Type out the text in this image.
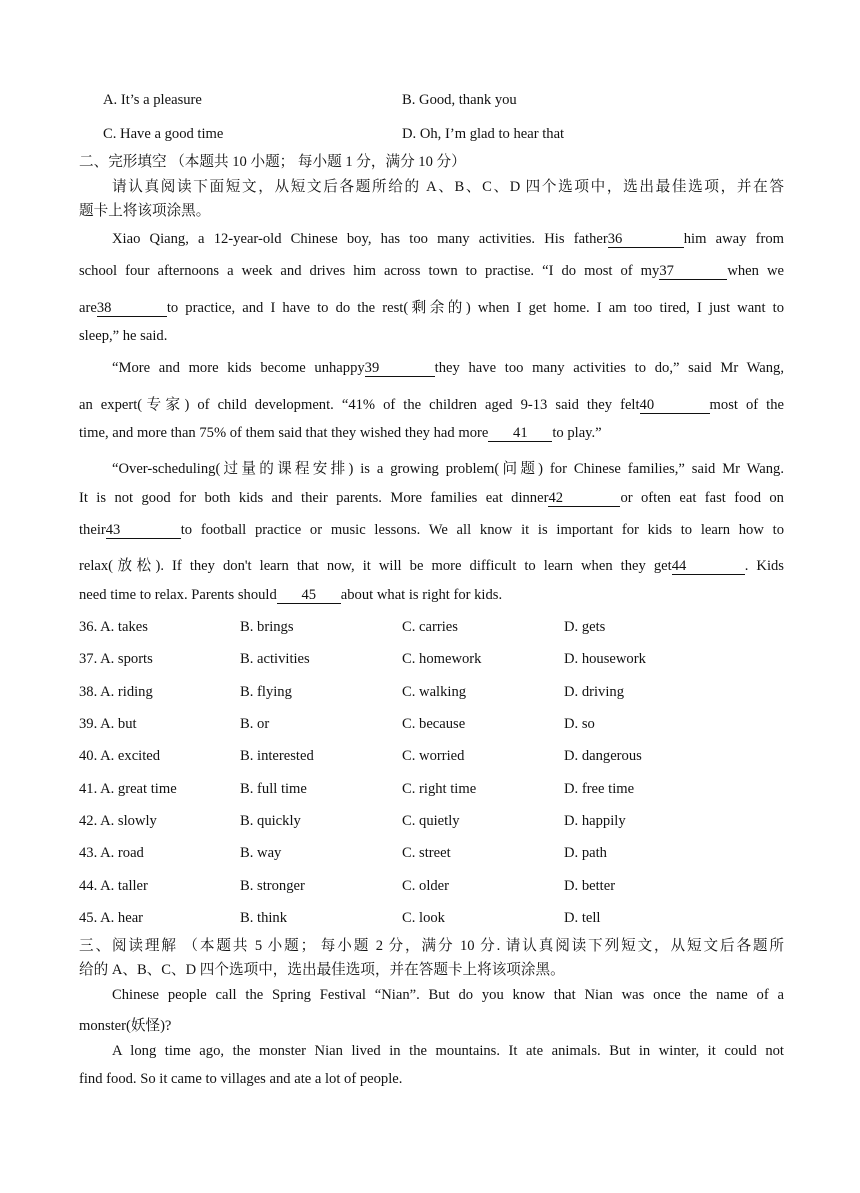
A. It’s a pleasure	B. Good, thank you
C. Have a good time	D. Oh, I’m glad to hear that
二、完形填空 （本题共 10 小题； 每小题 1 分，满分 10 分）
请认真阅读下面短文，从短文后各题所给的 A、B、C、D 四个选项中，选出最佳选项，并在答
题卡上将该项涂黑。
Xiao Qiang, a 12-year-old Chinese boy, has too many activities. His father36	him away from
school four afternoons a week and drives him across town to practise. “I do most of my37	when we
are38	to practice, and I have to do the rest(剩余的) when I get home. I am too tired, I just want to
sleep,” he said.
“More and more kids become unhappy39	they have too many activities to do,” said Mr Wang,
an expert(专家) of child development. “41% of the children aged 9-13 said they felt40	most of the
time, and more than 75% of them said that they wished they had more 41 to play.”
“Over-scheduling(过量的课程安排) is a growing problem(问题) for Chinese families,” said Mr Wang.
It is not good for both kids and their parents. More families eat dinner42	or often eat fast food on
their43	to football practice or music lessons. We all know it is important for kids to learn how to
relax(放松). If they don't learn that now, it will be more difficult to learn when they get44	. Kids
need time to relax. Parents should 45 about what is right for kids.
36. A. takes	B. brings	C. carries	D. gets
37. A. sports	B. activities	C. homework	D. housework
38. A. riding	B. flying	C. walking	D. driving
39. A. but	B. or	C. because	D. so
40. A. excited	B. interested	C. worried	D. dangerous
41. A. great time	B. full time	C. right time	D. free time
42. A. slowly	B. quickly	C. quietly	D. happily
43. A. road	B. way	C. street	D. path
44. A. taller	B. stronger	C. older	D. better
45. A. hear	B. think	C. look	D. tell
三、阅读理解 （本题共 5 小题； 每小题 2 分，满分 10 分. 请认真阅读下列短文，从短文后各题所
给的 A、B、C、D 四个选项中，选出最佳选项，并在答题卡上将该项涂黑。
Chinese people call the Spring Festival “Nian”. But do you know that Nian was once the name of a
monster(妖怪)?
A long time ago, the monster Nian lived in the mountains. It ate animals. But in winter, it could not
find food. So it came to villages and ate a lot of people.
